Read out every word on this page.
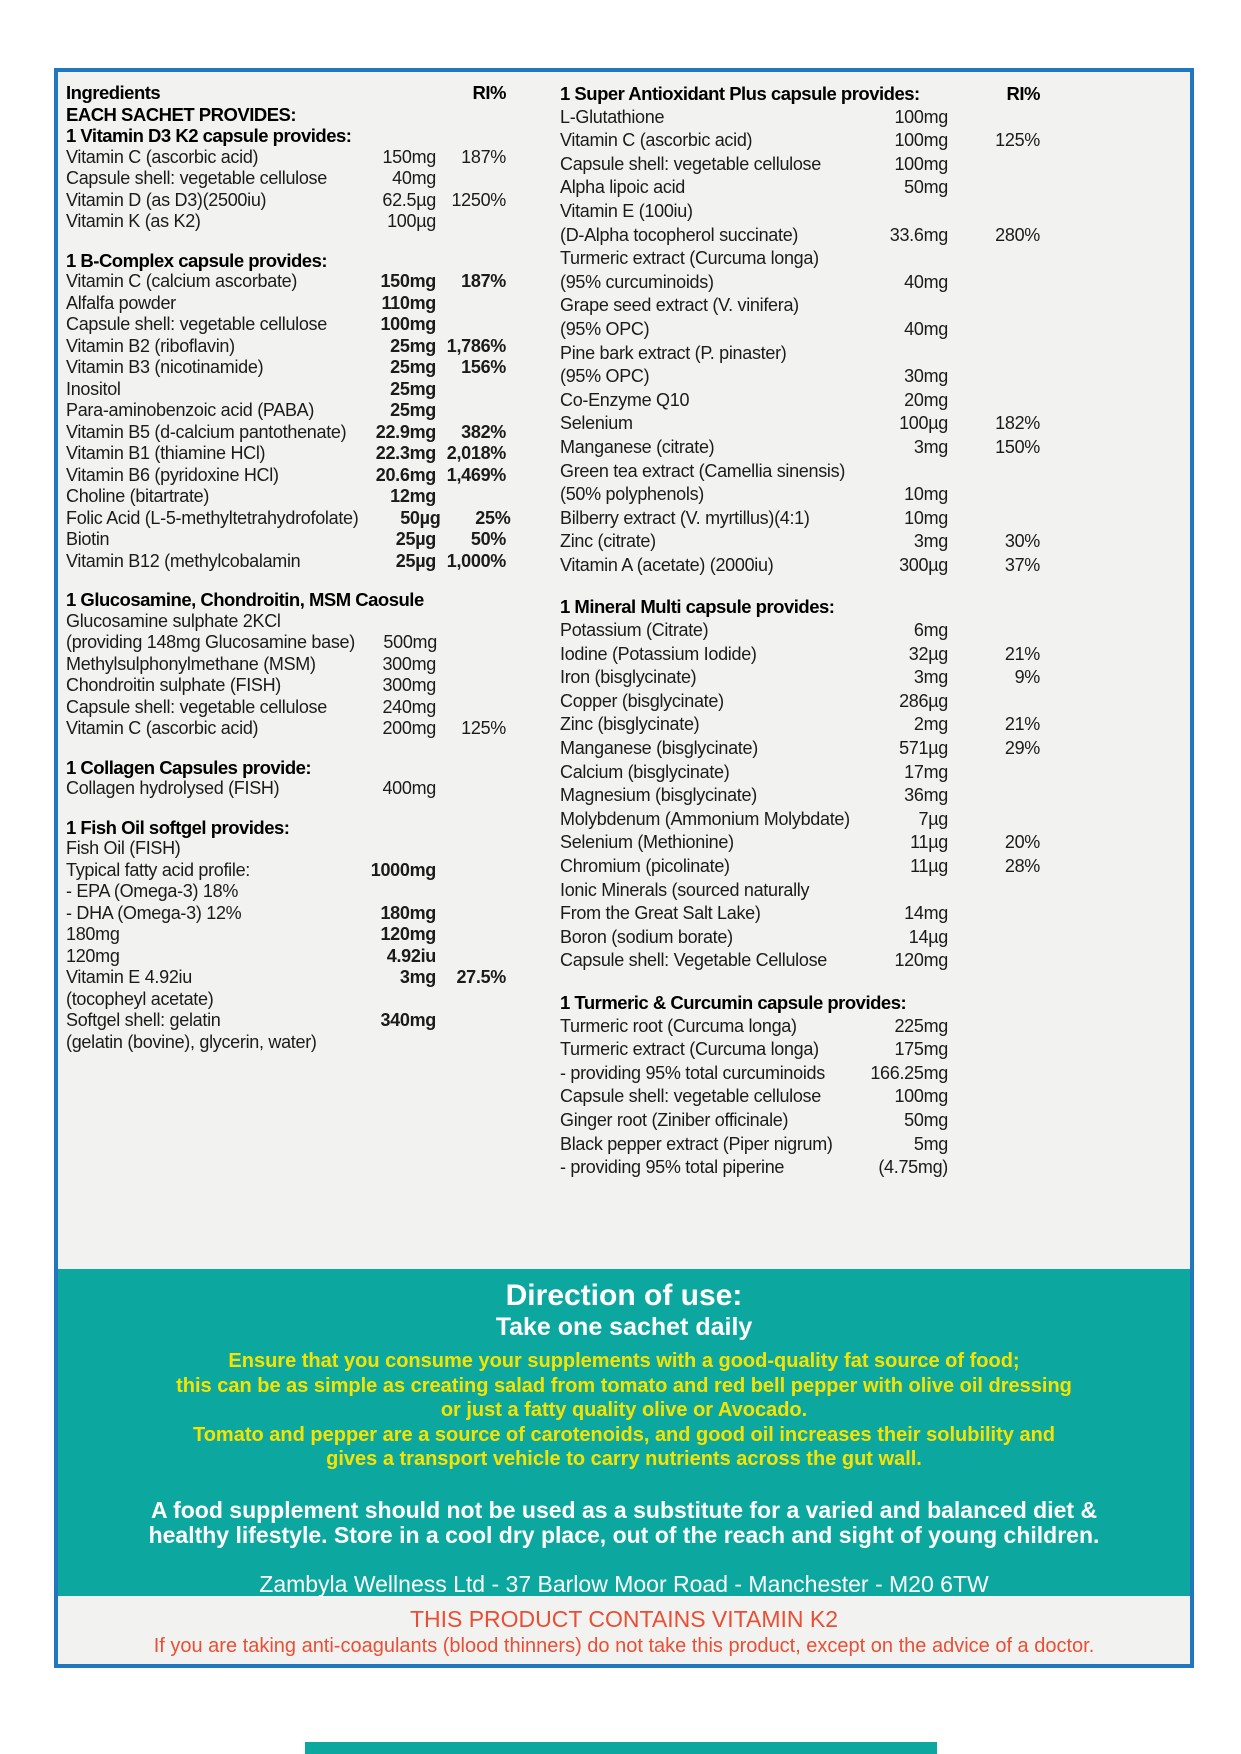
Ingredients	RI%
EACH SACHET PROVIDES:
1 Vitamin D3 K2 capsule provides:
Vitamin C (ascorbic acid)	150mg	187%
Capsule shell: vegetable cellulose	40mg
Vitamin D (as D3)(2500iu)	62.5µg 1250%
Vitamin K (as K2)	100µg
1 B-Complex capsule provides:
Vitamin C (calcium ascorbate)	150mg	187%
Alfalfa powder	110mg
Capsule shell: vegetable cellulose	100mg
Vitamin B2 (riboflavin)	25mg 1,786%
Vitamin B3 (nicotinamide)	25mg	156%
Inositol	25mg
Para-aminobenzoic acid (PABA)	25mg
Vitamin B5 (d-calcium pantothenate)	22.9mg	382%
Vitamin B1 (thiamine HCl)	22.3mg 2,018%
Vitamin B6 (pyridoxine HCl)	20.6mg 1,469%
Choline (bitartrate)	12mg
Folic Acid (L-5-methyltetrahydrofolate)	50µg	25%
Biotin	25µg	50%
Vitamin B12 (methylcobalamin	25µg 1,000%
1 Glucosamine, Chondroitin, MSM Caosule
Glucosamine sulphate 2KCl
(providing 148mg Glucosamine base)	500mg
Methylsulphonylmethane (MSM)	300mg
Chondroitin sulphate (FISH)	300mg
Capsule shell: vegetable cellulose	240mg
Vitamin C (ascorbic acid)	200mg	125%
1 Collagen Capsules provide:
Collagen hydrolysed (FISH)	400mg
1 Fish Oil softgel provides:
Fish Oil (FISH)
Typical fatty acid profile:	1000mg
- EPA (Omega-3) 18%
- DHA (Omega-3) 12%	180mg
180mg	120mg
120mg	4.92iu
Vitamin E 4.92iu	3mg	27.5%
(tocopheyl acetate)
Softgel shell: gelatin	340mg
(gelatin (bovine), glycerin, water)
1 Super Antioxidant Plus capsule provides:	RI%
L-Glutathione	100mg
Vitamin C (ascorbic acid)	100mg	125%
Capsule shell: vegetable cellulose	100mg
Alpha lipoic acid	50mg
Vitamin E (100iu)
(D-Alpha tocopherol succinate)	33.6mg	280%
Turmeric extract (Curcuma longa)
(95% curcuminoids)	40mg
Grape seed extract (V. vinifera)
(95% OPC)	40mg
Pine bark extract (P. pinaster)
(95% OPC)	30mg
Co-Enzyme Q10	20mg
Selenium	100µg	182%
Manganese (citrate)	3mg	150%
Green tea extract (Camellia sinensis)
(50% polyphenols)	10mg
Bilberry extract (V. myrtillus)(4:1)	10mg
Zinc (citrate)	3mg	30%
Vitamin A (acetate) (2000iu)	300µg	37%
1 Mineral Multi capsule provides:
Potassium (Citrate)	6mg
Iodine (Potassium Iodide)	32µg	21%
Iron (bisglycinate)	3mg	9%
Copper (bisglycinate)	286µg
Zinc (bisglycinate)	2mg	21%
Manganese (bisglycinate)	571µg	29%
Calcium (bisglycinate)	17mg
Magnesium (bisglycinate)	36mg
Molybdenum (Ammonium Molybdate)	7µg
Selenium (Methionine)	11µg	20%
Chromium (picolinate)	11µg	28%
Ionic Minerals (sourced naturally
From the Great Salt Lake)	14mg
Boron (sodium borate)	14µg
Capsule shell: Vegetable Cellulose	120mg
1 Turmeric & Curcumin capsule provides:
Turmeric root (Curcuma longa)	225mg
Turmeric extract (Curcuma longa)	175mg
- providing 95% total curcuminoids	166.25mg
Capsule shell: vegetable cellulose	100mg
Ginger root (Ziniber officinale)	50mg
Black pepper extract (Piper nigrum)	5mg
- providing 95% total piperine	(4.75mg)
Direction of use:
Take one sachet daily
Ensure that you consume your supplements with a good-quality fat source of food;
this can be as simple as creating salad from tomato and red bell pepper with olive oil dressing
or just a fatty quality olive or Avocado.
Tomato and pepper are a source of carotenoids, and good oil increases their solubility and
gives a transport vehicle to carry nutrients across the gut wall.
A food supplement should not be used as a substitute for a varied and balanced diet &
healthy lifestyle. Store in a cool dry place, out of the reach and sight of young children.
Zambyla Wellness Ltd - 37 Barlow Moor Road - Manchester - M20 6TW
THIS PRODUCT CONTAINS VITAMIN K2
If you are taking anti-coagulants (blood thinners) do not take this product, except on the advice of a doctor.
